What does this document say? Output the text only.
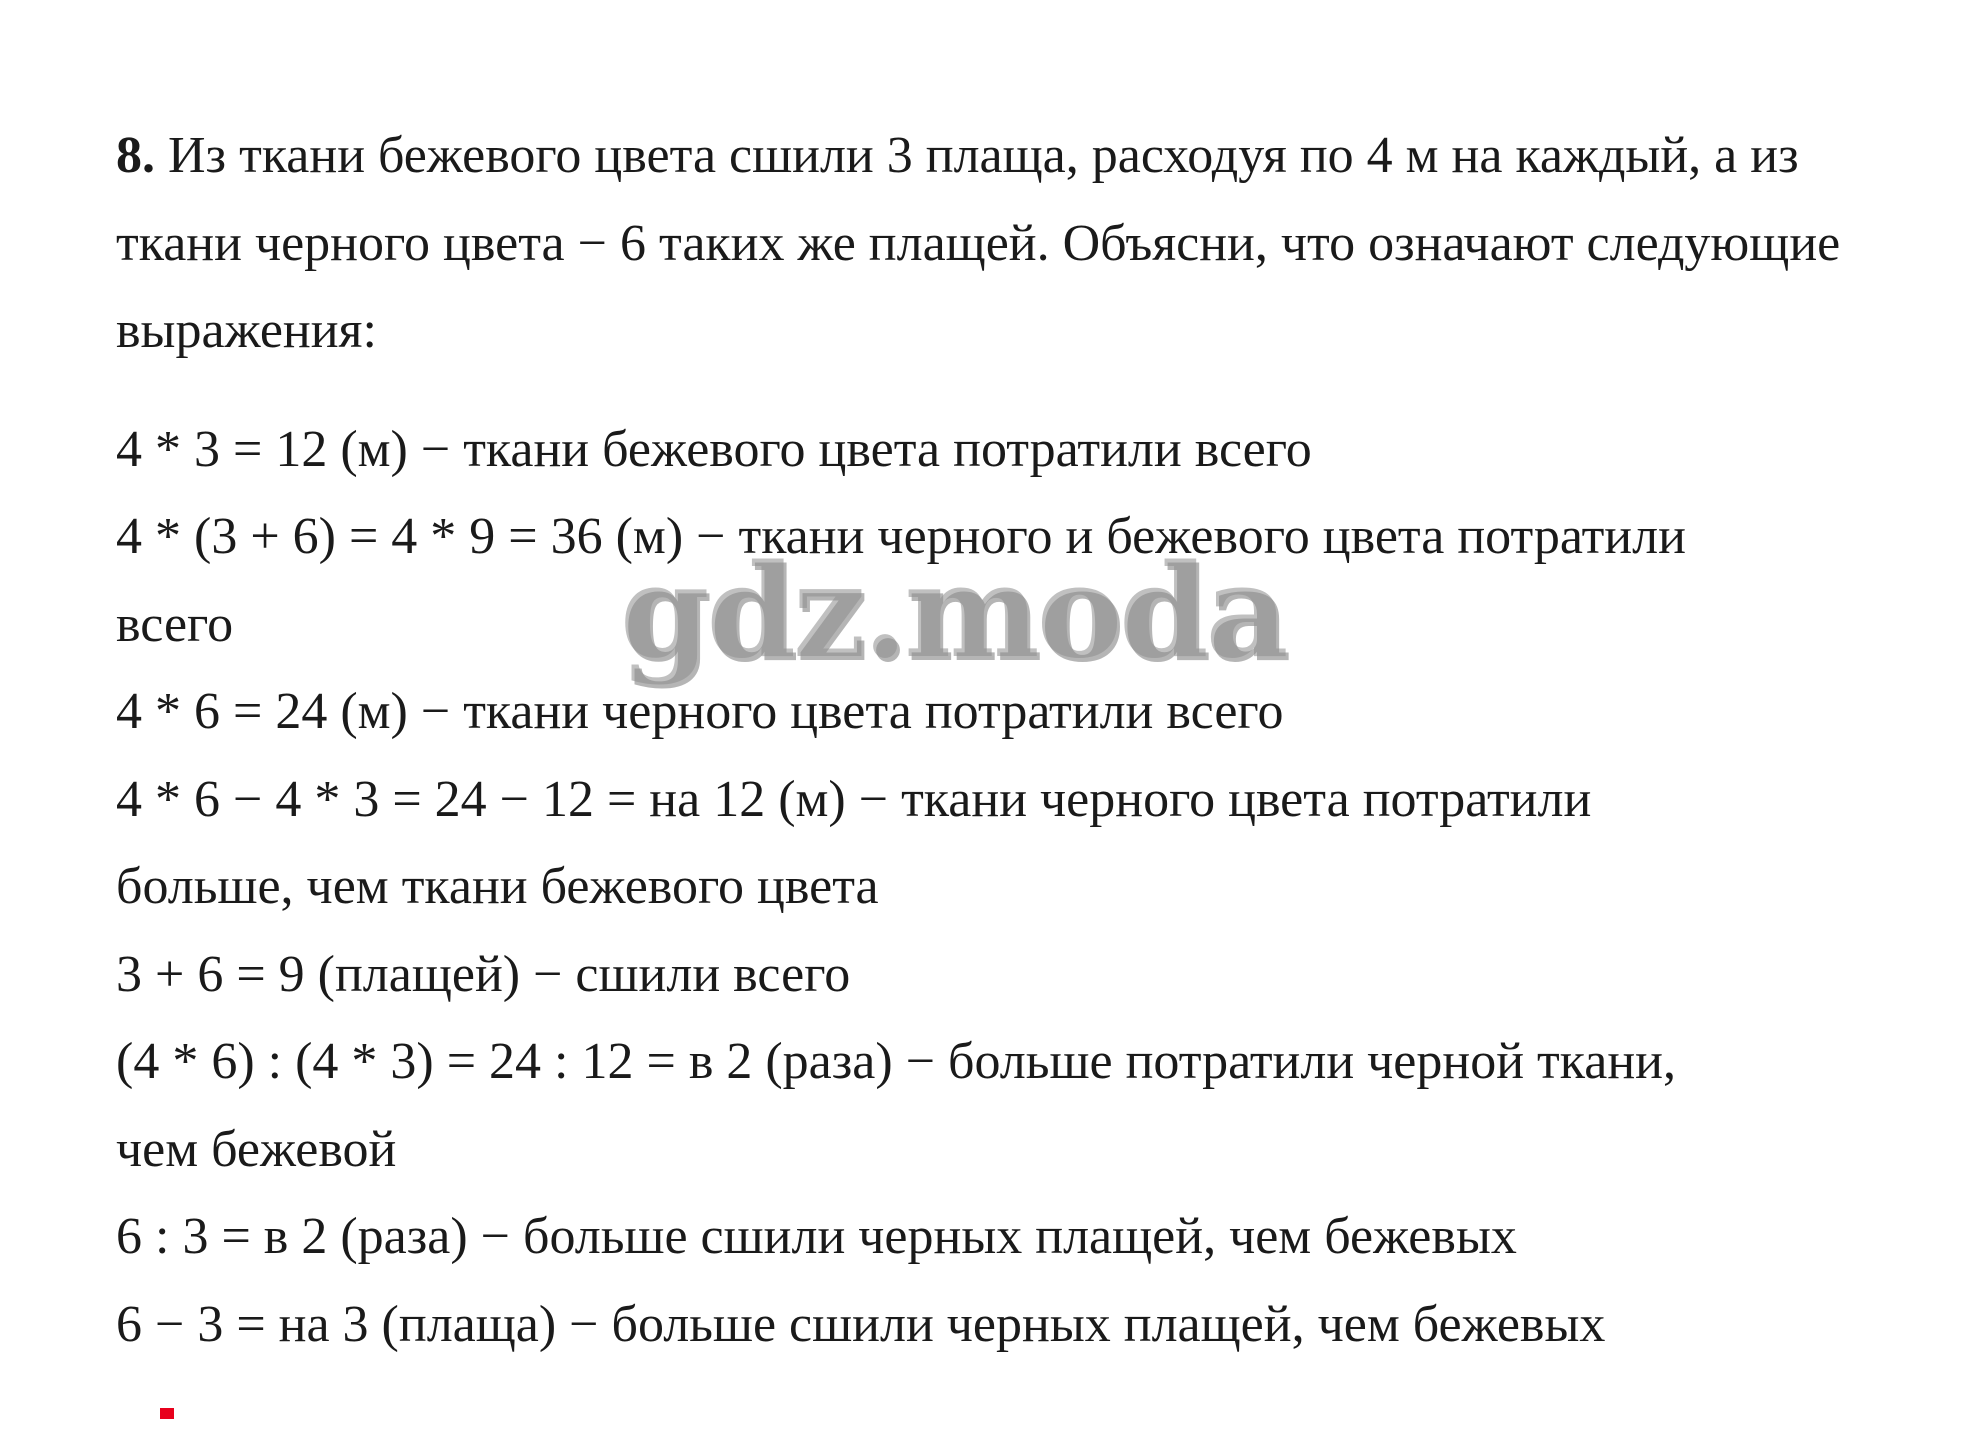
8. Из ткани бежевого цвета сшили 3 плаща, расходуя по 4 м на каждый, а из ткани черного цвета − 6 таких же плащей. Объясни, что означают следующие выражения:

4 * 3 = 12 (м) − ткани бежевого цвета потратили всего

4 * (3 + 6) = 4 * 9 = 36 (м) − ткани черного и бежевого цвета потратили

всего

4 * 6 = 24 (м) − ткани черного цвета потратили всего

4 * 6 − 4 * 3 = 24 − 12 = на 12 (м) − ткани черного цвета потратили

больше, чем ткани бежевого цвета

3 + 6 = 9 (плащей) − сшили всего

(4 * 6) : (4 * 3) = 24 : 12 = в 2 (раза) − больше потратили черной ткани,

чем бежевой

6 : 3 = в 2 (раза) − больше сшили черных плащей, чем бежевых

6 − 3 = на 3 (плаща) − больше сшили черных плащей, чем бежевых

gdz.moda
